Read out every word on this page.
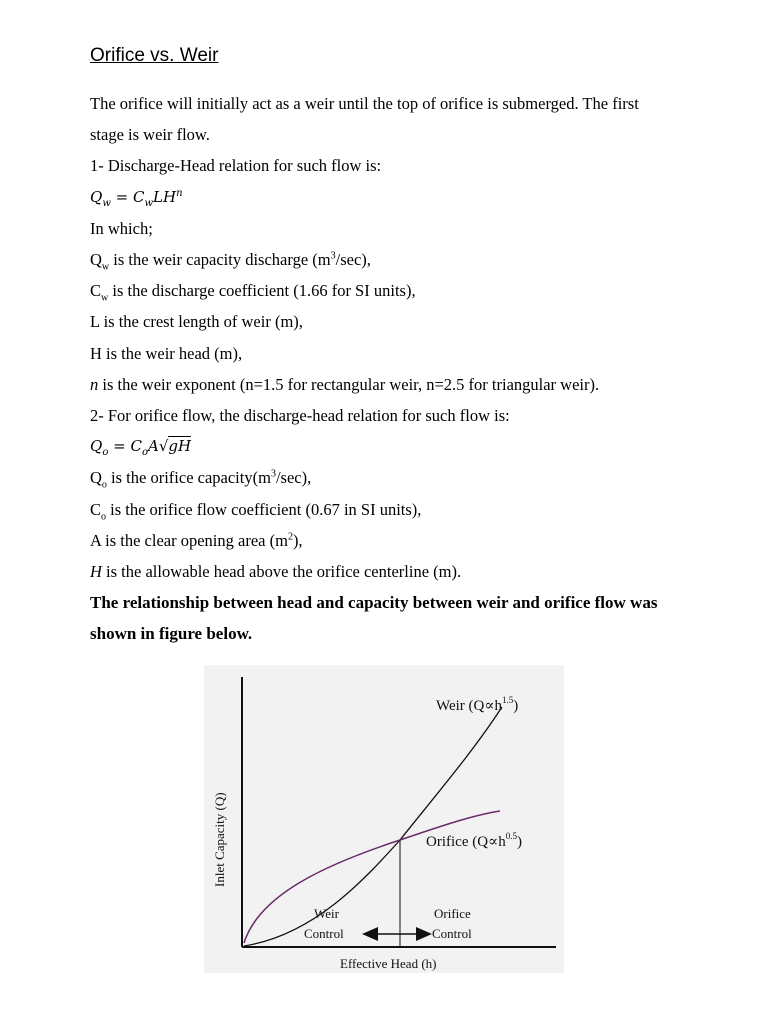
Orifice vs. Weir

The orifice will initially act as a weir until the top of orifice is submerged. The first
stage is weir flow.

1- Discharge-Head relation for such flow is:

$Q_w = C_wLH^n$

In which;

$Q_w$ is the weir capacity discharge $(m^3/\sec)$,

$C_w$ is the discharge coefficient (1.66 for SI units),

L is the crest length of weir (m),

H is the weir head (m),

n is the weir exponent (n=1.5 for rectangular weir, n=2.5 for triangular weir).

2- For orifice flow, the discharge-head relation for such flow is:

$Q_o = C_oA√gH$

$Q_o$ is the orifice $capacity(m^3/\sec)$,

$C_o$ is the orifice flow coefficient (0.67 in SI units),

A is the clear opening area $(m^2)$,

H is the allowable head above the orifice centerline (m).

The relationship between head and capacity between weir and orifice flow was
shown in figure below.

Weir $(Q\propto h^{1.5})$
Orifice $(Q\propto h^{0.5})$
Weir
Control
Orifice
Control
Effective Head (h)
Inlet Capacity (Q)
